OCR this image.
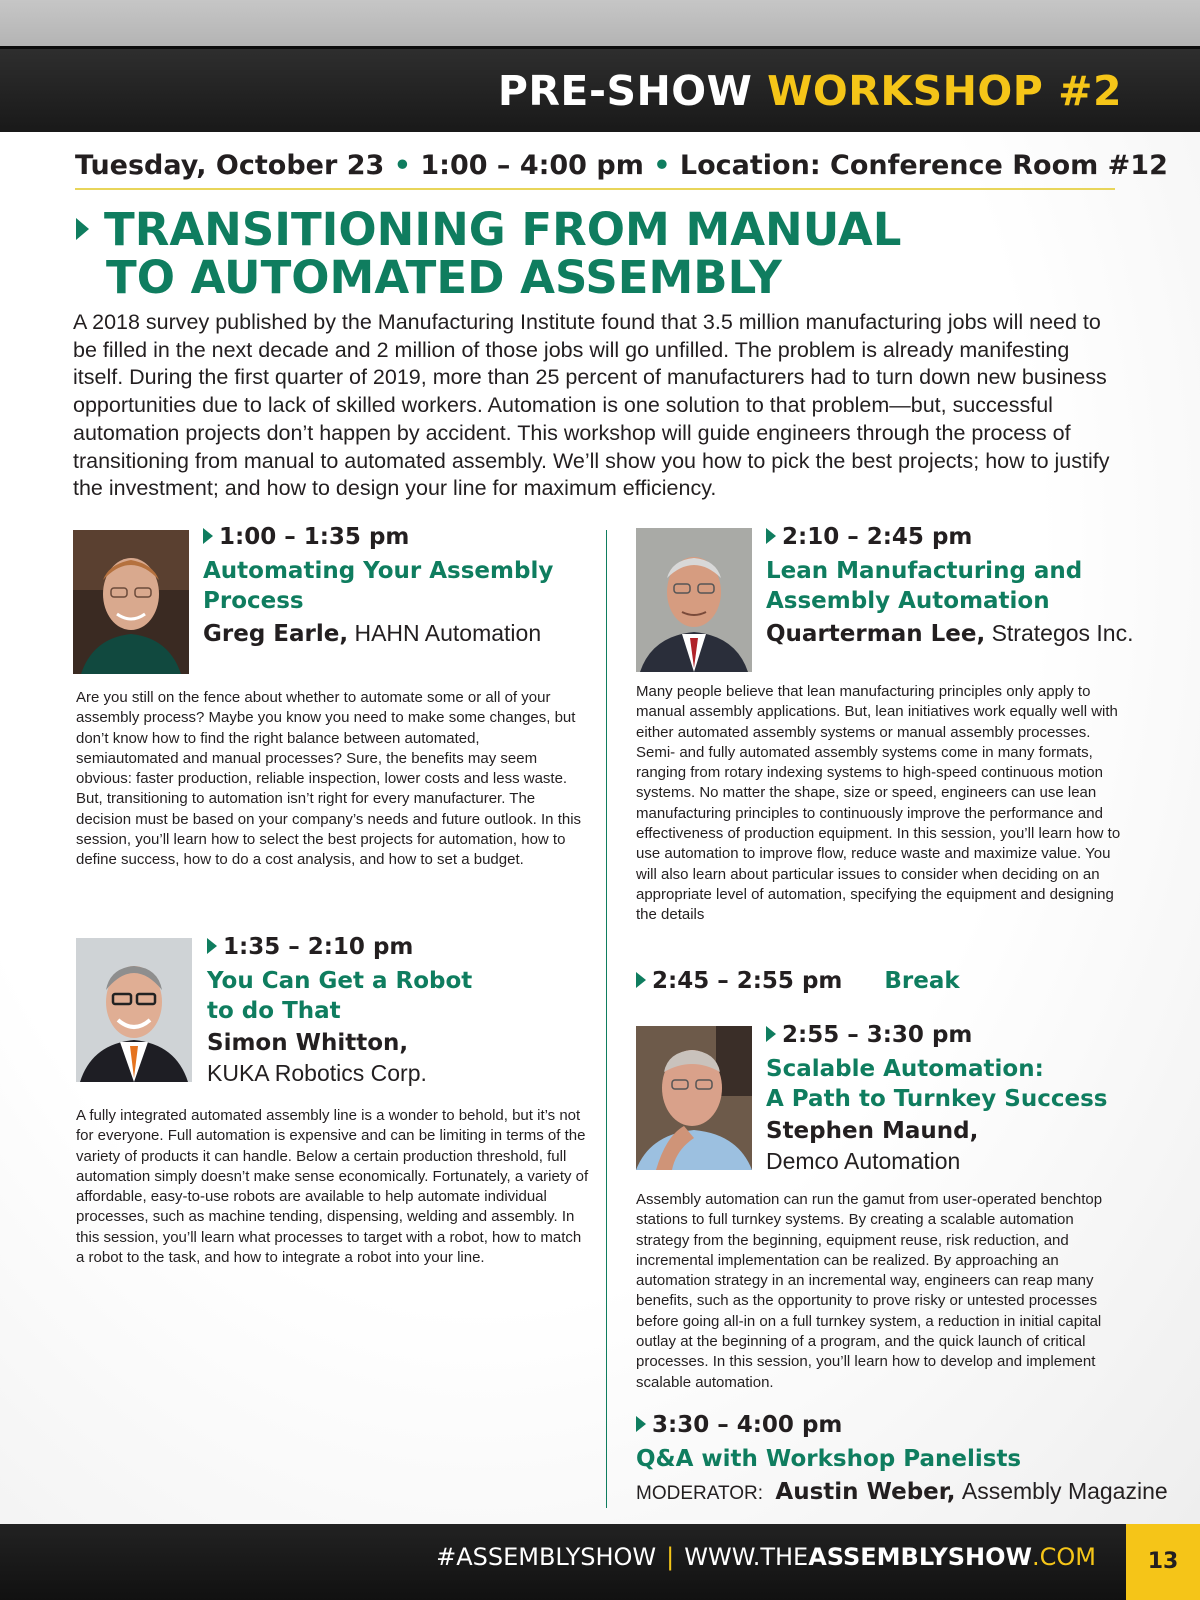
PRE-SHOW WORKSHOP #2
Tuesday, October 23 • 1:00 – 4:00 pm • Location: Conference Room #12
TRANSITIONING FROM MANUAL
TO AUTOMATED ASSEMBLY

A 2018 survey published by the Manufacturing Institute found that 3.5 million manufacturing jobs will need to be filled in the next decade and 2 million of those jobs will go unfilled. The problem is already manifesting itself. During the first quarter of 2019, more than 25 percent of manufacturers had to turn down new business opportunities due to lack of skilled workers. Automation is one solution to that problem—but, successful automation projects don’t happen by accident. This workshop will guide engineers through the process of transitioning from manual to automated assembly. We’ll show you how to pick the best projects; how to justify the investment; and how to design your line for maximum efficiency.

1:00 – 1:35 pm
Automating Your Assembly Process
Greg Earle, HAHN Automation

Are you still on the fence about whether to automate some or all of your assembly process? Maybe you know you need to make some changes, but don’t know how to find the right balance between automated, semiautomated and manual processes? Sure, the benefits may seem obvious: faster production, reliable inspection, lower costs and less waste. But, transitioning to automation isn’t right for every manufacturer. The decision must be based on your company’s needs and future outlook. In this session, you’ll learn how to select the best projects for automation, how to define success, how to do a cost analysis, and how to set a budget.

1:35 – 2:10 pm
You Can Get a Robot
to do That
Simon Whitton,
KUKA Robotics Corp.

A fully integrated automated assembly line is a wonder to behold, but it’s not for everyone. Full automation is expensive and can be limiting in terms of the variety of products it can handle. Below a certain production threshold, full automation simply doesn’t make sense economically. Fortunately, a variety of affordable, easy-to-use robots are available to help automate individual processes, such as machine tending, dispensing, welding and assembly. In this session, you’ll learn what processes to target with a robot, how to match a robot to the task, and how to integrate a robot into your line.

2:10 – 2:45 pm
Lean Manufacturing and Assembly Automation
Quarterman Lee, Strategos Inc.

Many people believe that lean manufacturing principles only apply to manual assembly applications. But, lean initiatives work equally well with either automated assembly systems or manual assembly processes. Semi- and fully automated assembly systems come in many formats, ranging from rotary indexing systems to high-speed continuous motion systems. No matter the shape, size or speed, engineers can use lean manufacturing principles to continuously improve the performance and effectiveness of production equipment. In this session, you’ll learn how to use automation to improve flow, reduce waste and maximize value. You will also learn about particular issues to consider when deciding on an appropriate level of automation, specifying the equipment and designing the details

2:45 – 2:55 pm Break
2:55 – 3:30 pm
Scalable Automation:
A Path to Turnkey Success
Stephen Maund,
Demco Automation

Assembly automation can run the gamut from user-operated benchtop stations to full turnkey systems. By creating a scalable automation strategy from the beginning, equipment reuse, risk reduction, and incremental implementation can be realized. By approaching an automation strategy in an incremental way, engineers can reap many benefits, such as the opportunity to prove risky or untested processes before going all-in on a full turnkey system, a reduction in initial capital outlay at the beginning of a program, and the quick launch of critical processes. In this session, you’ll learn how to develop and implement scalable automation.

3:30 – 4:00 pm
Q&A with Workshop Panelists
MODERATOR: Austin Weber, Assembly Magazine
#ASSEMBLYSHOW | WWW.THEASSEMBLYSHOW.COM	13
